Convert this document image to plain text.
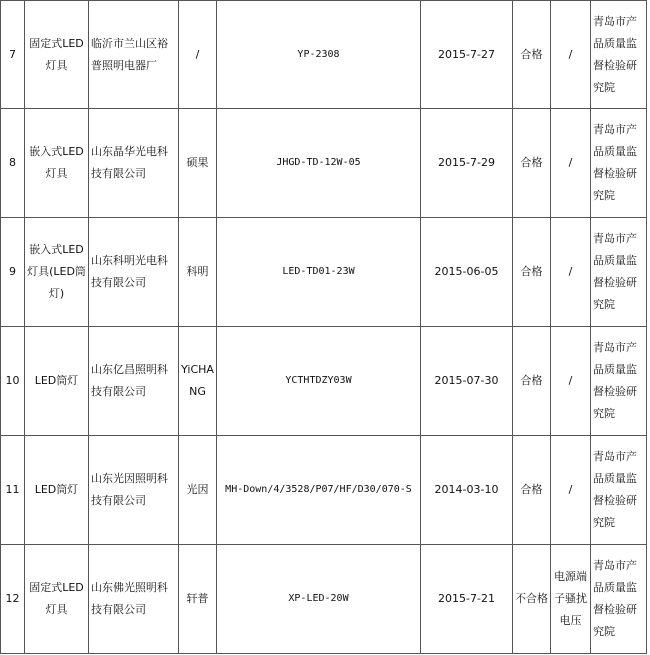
7	固定式LED灯具	临沂市兰山区裕普照明电器厂	/	YP-2308	2015-7-27	合格	/	青岛市产品质量监督检验研究院
8	嵌入式LED灯具	山东晶华光电科技有限公司	硕果	JHGD-TD-12W-05	2015-7-29	合格	/	青岛市产品质量监督检验研究院
9	嵌入式LED灯具(LED筒灯)	山东科明光电科技有限公司	科明	LED-TD01-23W	2015-06-05	合格	/	青岛市产品质量监督检验研究院
10	LED筒灯	山东亿昌照明科技有限公司	YiCHANG	YCTHTDZY03W	2015-07-30	合格	/	青岛市产品质量监督检验研究院
11	LED筒灯	山东光因照明科技有限公司	光因	MH-Down/4/3528/P07/HF/D30/070-S	2014-03-10	合格	/	青岛市产品质量监督检验研究院
12	固定式LED灯具	山东佛光照明科技有限公司	轩普	XP-LED-20W	2015-7-21	不合格	电源端子骚扰电压	青岛市产品质量监督检验研究院
